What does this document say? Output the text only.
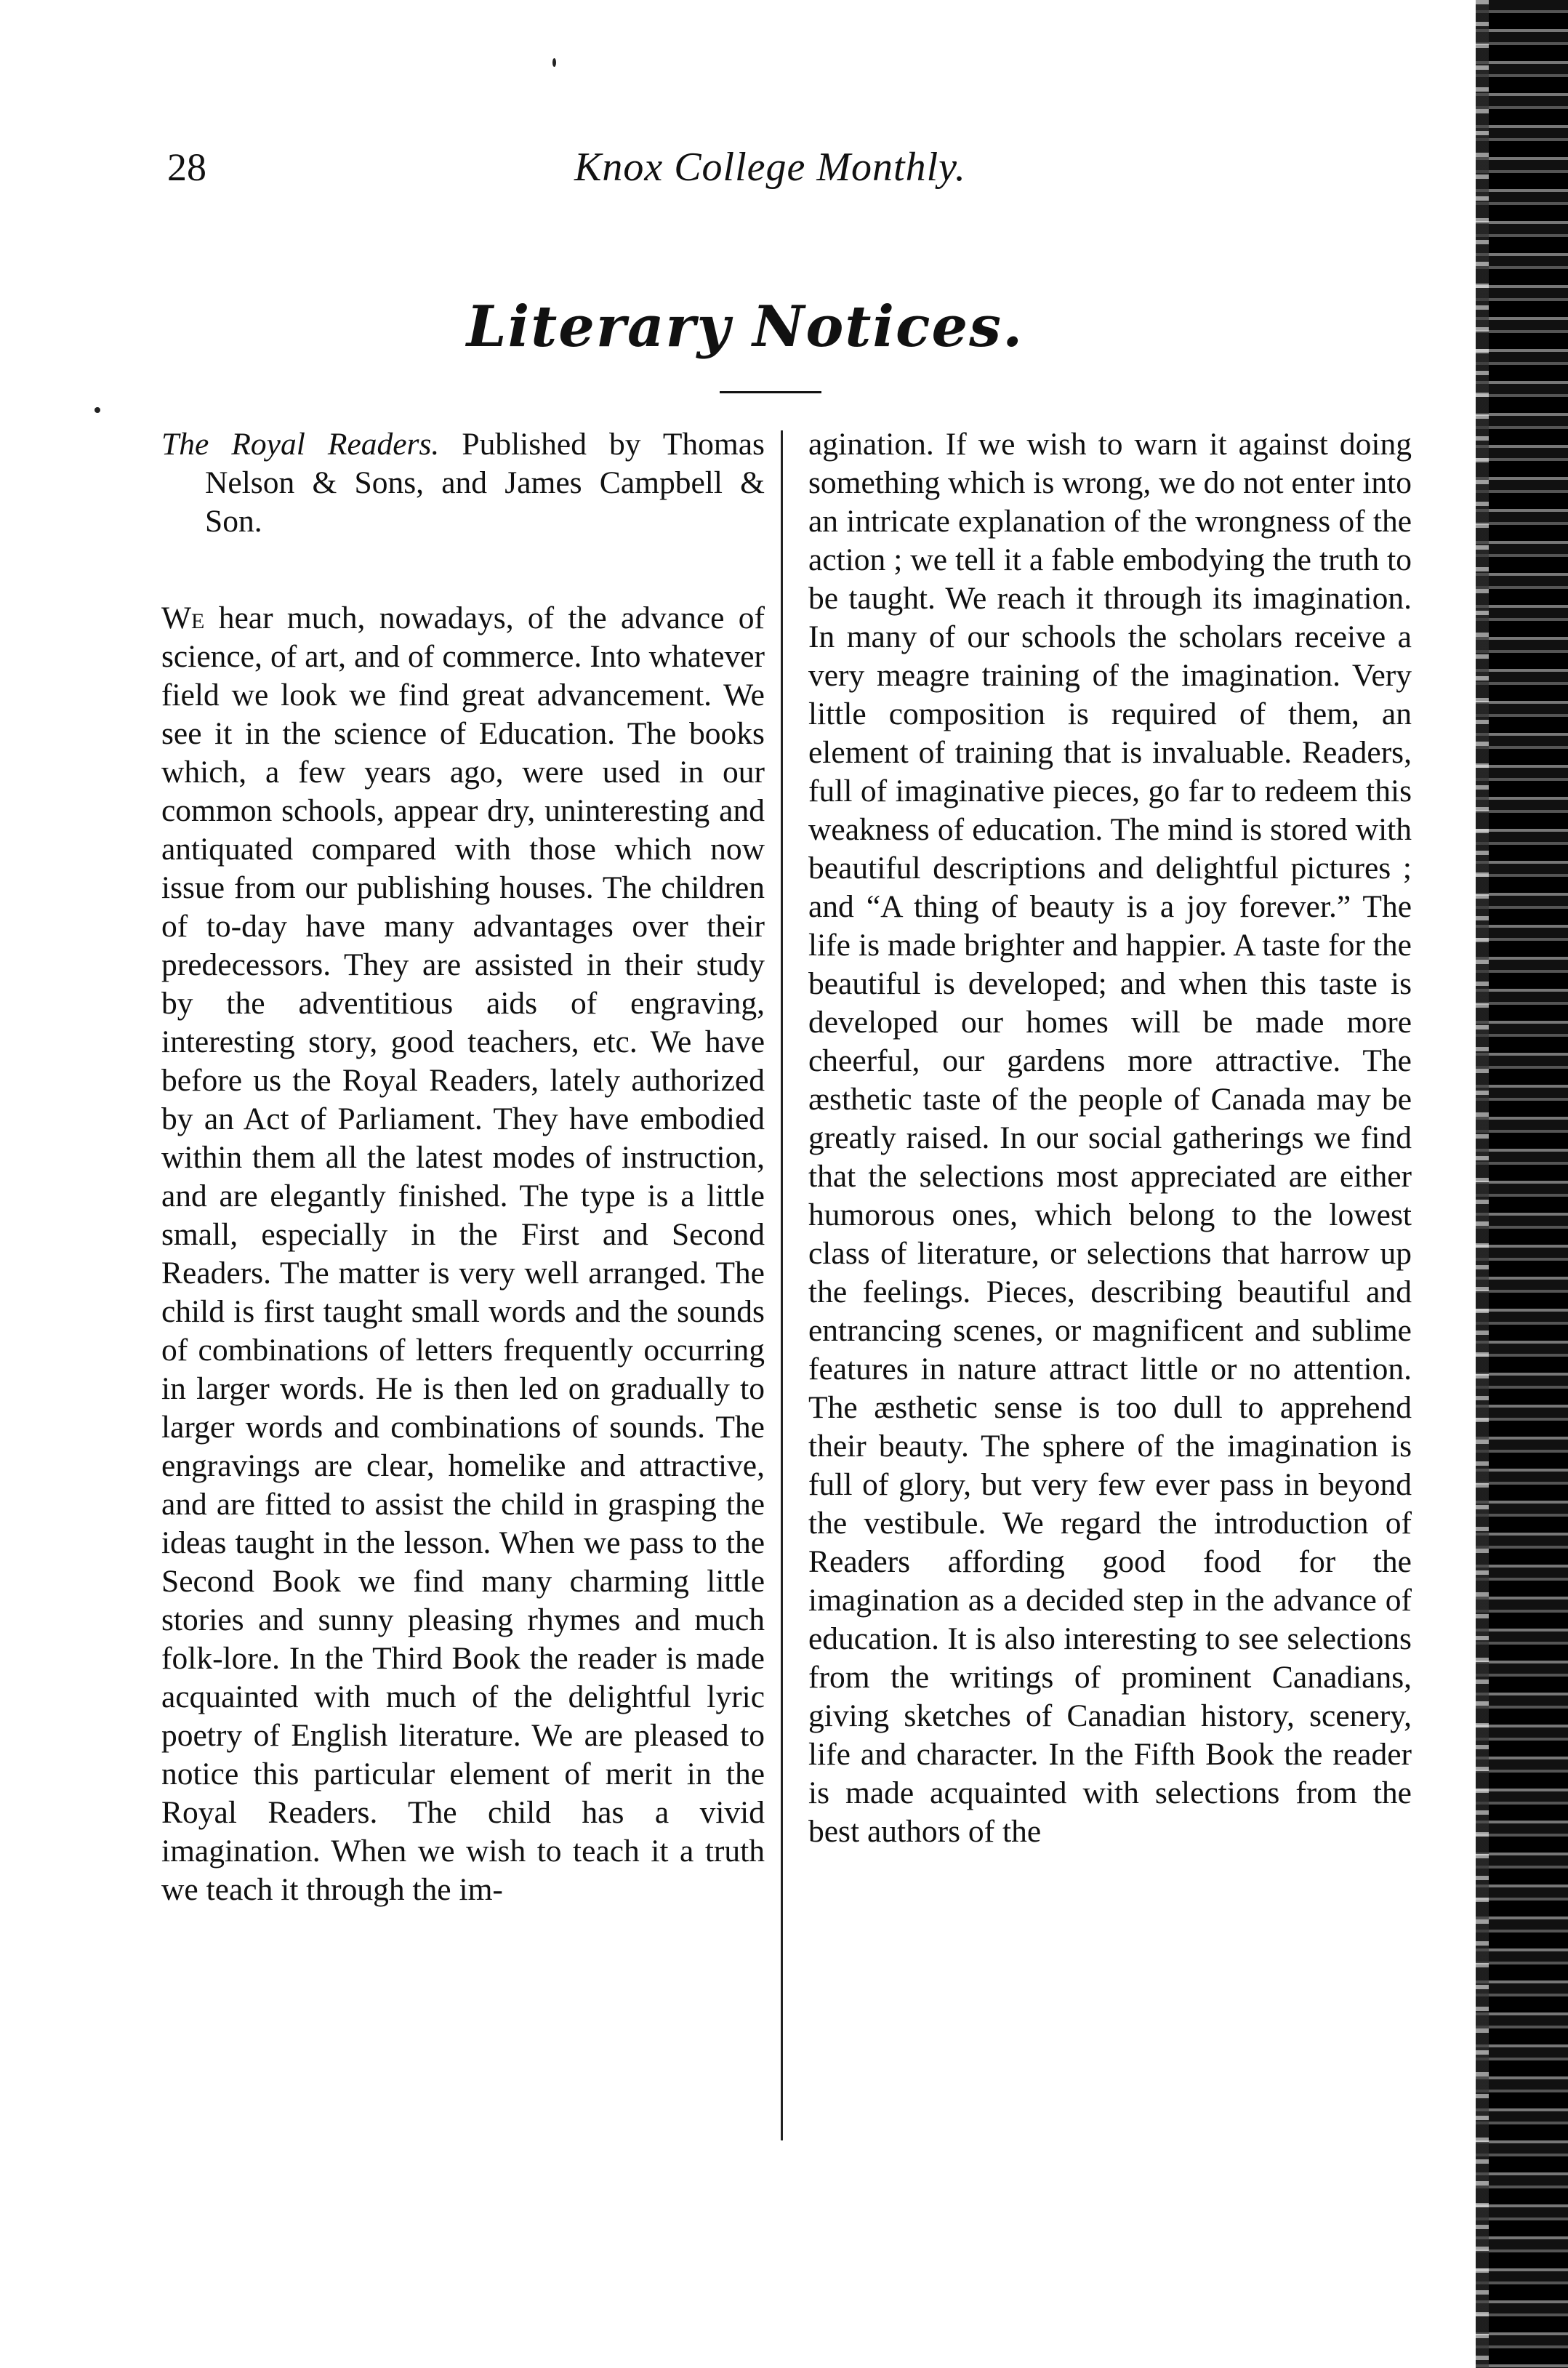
28	Knox College Monthly.
Literary Notices.

The Royal Readers. Published by Thomas Nelson & Sons, and James Campbell & Son.

We hear much, nowadays, of the advance of science, of art, and of commerce. Into whatever field we look we find great advancement. We see it in the science of Education. The books which, a few years ago, were used in our common schools, appear dry, uninteresting and antiquated compared with those which now issue from our publishing houses. The children of to-day have many advantages over their predecessors. They are assisted in their study by the adventitious aids of engraving, interesting story, good teachers, etc. We have before us the Royal Readers, lately authorized by an Act of Parliament. They have embodied within them all the latest modes of instruction, and are elegantly finished. The type is a little small, especially in the First and Second Readers. The matter is very well arranged. The child is first taught small words and the sounds of combinations of letters frequently occurring in larger words. He is then led on gradually to larger words and combinations of sounds. The engravings are clear, homelike and attractive, and are fitted to assist the child in grasping the ideas taught in the lesson. When we pass to the Second Book we find many charming little stories and sunny pleasing rhymes and much folk-lore. In the Third Book the reader is made acquainted with much of the delightful lyric poetry of English literature. We are pleased to notice this particular element of merit in the Royal Readers. The child has a vivid imagination. When we wish to teach it a truth we teach it through the im-

agination. If we wish to warn it against doing something which is wrong, we do not enter into an intricate explanation of the wrongness of the action ; we tell it a fable embodying the truth to be taught. We reach it through its imagination. In many of our schools the scholars receive a very meagre training of the imagination. Very little composition is required of them, an element of training that is invaluable. Readers, full of imaginative pieces, go far to redeem this weakness of education. The mind is stored with beautiful descriptions and delightful pictures ; and “A thing of beauty is a joy forever.” The life is made brighter and happier. A taste for the beautiful is developed; and when this taste is developed our homes will be made more cheerful, our gardens more attractive. The æsthetic taste of the people of Canada may be greatly raised. In our social gatherings we find that the selections most appreciated are either humorous ones, which belong to the lowest class of literature, or selections that harrow up the feelings. Pieces, describing beautiful and entrancing scenes, or magnificent and sublime features in nature attract little or no attention. The æsthetic sense is too dull to apprehend their beauty. The sphere of the imagination is full of glory, but very few ever pass in beyond the vestibule. We regard the introduction of Readers affording good food for the imagination as a decided step in the advance of education. It is also interesting to see selections from the writings of prominent Canadians, giving sketches of Canadian history, scenery, life and character. In the Fifth Book the reader is made acquainted with selections from the best authors of the
